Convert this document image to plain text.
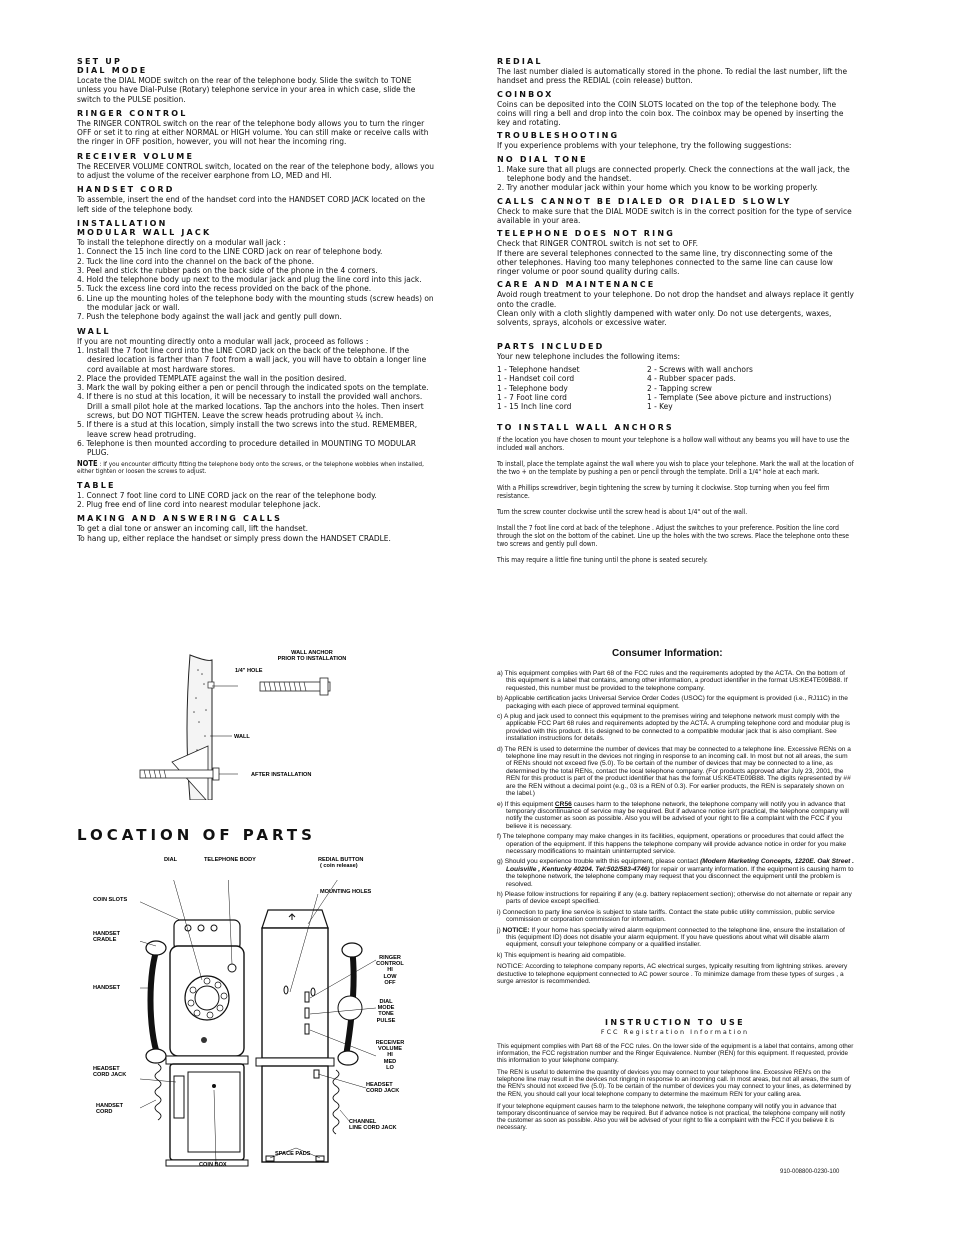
SET UP
DIAL MODE

Locate the DIAL MODE switch on the rear of the telephone body. Slide the switch to TONE unless you have Dial-Pulse (Rotary) telephone service in your area in which case, slide the switch to the PULSE position.

RINGER CONTROL

The RINGER CONTROL switch on the rear of the telephone body allows you to turn the ringer OFF or set it to ring at either NORMAL or HIGH volume. You can still make or receive calls with the ringer in OFF position, however, you will not hear the incoming ring.

RECEIVER VOLUME

The RECEIVER VOLUME CONTROL switch, located on the rear of the telephone body, allows you to adjust the volume of the receiver earphone from LO, MED and HI.

HANDSET CORD

To assemble, insert the end of the handset cord into the HANDSET CORD JACK located on the left side of the telephone body.

INSTALLATION
MODULAR WALL JACK

To install the telephone directly on a modular wall jack :

1. Connect the 15 inch line cord to the LINE CORD jack on rear of telephone body.
2. Tuck the line cord into the channel on the back of the phone.
3. Peel and stick the rubber pads on the back side of the phone in the 4 corners.
4. Hold the telephone body up next to the modular jack and plug the line cord into this jack.
5. Tuck the excess line cord into the recess provided on the back of the phone.
6. Line up the mounting holes of the telephone body with the mounting studs (screw heads) on the modular jack or wall.
7. Push the telephone body against the wall jack and gently pull down.
WALL

If you are not mounting directly onto a modular wall jack, proceed as follows :

1. Install the 7 foot line cord into the LINE CORD jack on the back of the telephone. If the desired location is farther than 7 foot from a wall jack, you will have to obtain a longer line cord available at most hardware stores.
2. Place the provided TEMPLATE against the wall in the position desired.
3. Mark the wall by poking either a pen or pencil through the indicated spots on the template.
4. If there is no stud at this location, it will be necessary to install the provided wall anchors. Drill a small pilot hole at the marked locations. Tap the anchors into the holes. Then insert screws, but DO NOT TIGHTEN. Leave the screw heads protruding about ¼ inch.
5. If there is a stud at this location, simply install the two screws into the stud. REMEMBER, leave screw head protruding.
6. Telephone is then mounted according to procedure detailed in MOUNTING TO MODULAR PLUG.
NOTE : If you encounter difficulty fitting the telephone body onto the screws, or the telephone wobbles when installed, either tighten or loosen the screws to adjust.
TABLE
1. Connect 7 foot line cord to LINE CORD jack on the rear of the telephone body.
2. Plug free end of line cord into nearest modular telephone jack.
MAKING AND ANSWERING CALLS

To get a dial tone or answer an incoming call, lift the handset.

To hang up, either replace the handset or simply press down the HANDSET CRADLE.

REDIAL

The last number dialed is automatically stored in the phone. To redial the last number, lift the handset and press the REDIAL (coin release) button.

COINBOX

Coins can be deposited into the COIN SLOTS located on the top of the telephone body. The coins will ring a bell and drop into the coin box. The coinbox may be opened by inserting the key and rotating.

TROUBLESHOOTING

If you experience problems with your telephone, try the following suggestions:

NO DIAL TONE
1. Make sure that all plugs are connected properly. Check the connections at the wall jack, the telephone body and the handset.
2. Try another modular jack within your home which you know to be working properly.
CALLS CANNOT BE DIALED OR DIALED SLOWLY

Check to make sure that the DIAL MODE switch is in the correct position for the type of service available in your area.

TELEPHONE DOES NOT RING

Check that RINGER CONTROL switch is not set to OFF.

If there are several telephones connected to the same line, try disconnecting some of the other telephones. Having too many telephones connected to the same line can cause low ringer volume or poor sound quality during calls.

CARE AND MAINTENANCE

Avoid rough treatment to your telephone. Do not drop the handset and always replace it gently onto the cradle.

Clean only with a cloth slightly dampened with water only. Do not use detergents, waxes, solvents, sprays, alcohols or excessive water.

PARTS INCLUDED

Your new telephone includes the following items:

1 - Telephone handset
1 - Handset coil cord
1 - Telephone body
1 - 7 Foot line cord
1 - 15 Inch line cord
2 - Screws with wall anchors
4 - Rubber spacer pads.
2 - Tapping screw
1 - Template (See above picture and instructions)
1 - Key
TO INSTALL WALL ANCHORS

If the location you have chosen to mount your telephone is a hollow wall without any beams you will have to use the included wall anchors.

To install, place the template against the wall where you wish to place your telephone. Mark the wall at the location of the two + on the template by pushing a pen or pencil through the template. Drill a 1/4" hole at each mark.

With a Phillips screwdriver, begin tightening the screw by turning it clockwise. Stop turning when you feel firm resistance.

Turn the screw counter clockwise until the screw head is about 1/4" out of the wall.

Install the 7 foot line cord at back of the telephone . Adjust the switches to your preference. Position the line cord through the slot on the bottom of the cabinet. Line up the holes with the two screws. Place the telephone onto these two screws and gently pull down.

This may require a little fine tuning until the phone is seated securely.

WALL ANCHOR
PRIOR TO INSTALLATION
1/4" HOLE
WALL
AFTER INSTALLATION
LOCATION OF PARTS
DIAL	TELEPHONE BODY	REDIAL BUTTON
( coin release)
MOUNTING HOLES
COIN SLOTS
HANDSET
CRADLE
HANDSET
RINGER
CONTROL
HI
LOW
OFF
DIAL
MODE
TONE
PULSE
RECEIVER
VOLUME
HI
MED
LO
HEADSET
CORD JACK
HEADSET
CORD JACK
HANDSET
CORD
CHANNEL
LINE CORD JACK
SPACE PADS
COIN BOX
Consumer Information:
a) This equipment complies with Part 68 of the FCC rules and the requirements adopted by the ACTA. On the bottom of this equipment is a label that contains, among other information, a product identifier in the format US:KE4TE09B88. If requested, this number must be provided to the telephone company.
b) Applicable certification jacks Universal Service Order Codes (USOC) for the equipment is provided (i.e., RJ11C) in the packaging with each piece of approved terminal equipment.
c) A plug and jack used to connect this equipment to the premises wiring and telephone network must comply with the applicable FCC Part 68 rules and requirements adopted by the ACTA. A crumpling telephone cord and modular plug is provided with this product. It is designed to be connected to a compatible modular jack that is also compliant. See installation instructions for details.
d) The REN is used to determine the number of devices that may be connected to a telephone line. Excessive RENs on a telephone line may result in the devices not ringing in response to an incoming call. In most but not all areas, the sum of RENs should not exceed five (5.0). To be certain of the number of devices that may be connected to a line, as determined by the total RENs, contact the local telephone company. (For products approved after July 23, 2001, the REN for this product is part of the product identifier that has the format US:KE4TE09B88. The digits represented by ## are the REN without a decimal point (e.g., 03 is a REN of 0.3). For earlier products, the REN is separately shown on the label.)
e) If this equipment CR56 causes harm to the telephone network, the telephone company will notify you in advance that temporary discontinuance of service may be required. But if advance notice isn't practical, the telephone company will notify the customer as soon as possible. Also you will be advised of your right to file a complaint with the FCC if you believe it is necessary.
f) The telephone company may make changes in its facilities, equipment, operations or procedures that could affect the operation of the equipment. If this happens the telephone company will provide advance notice in order for you make necessary modifications to maintain uninterrupted service.
g) Should you experience trouble with this equipment, please contact (Modern Marketing Concepts, 1220E. Oak Street . Louisville , Kentucky 40204. Tel:502/583-4746) for repair or warranty information. If the equipment is causing harm to the telephone network, the telephone company may request that you disconnect the equipment until the problem is resolved.
h) Please follow instructions for repairing if any (e.g. battery replacement section); otherwise do not alternate or repair any parts of device except specified.
i) Connection to party line service is subject to state tariffs. Contact the state public utility commission, public service commission or corporation commission for information.
j) NOTICE: If your home has specially wired alarm equipment connected to the telephone line, ensure the installation of this (equipment ID) does not disable your alarm equipment. If you have questions about what will disable alarm equipment, consult your telephone company or a qualified installer.
k) This equipment is hearing aid compatible.

NOTICE: According to telephone company reports, AC electrical surges, typically resulting from lightning strikes. arevery destuctive to telephone equipment connected to AC power source . To minimize damage from these types of surges , a surge arrestor is recommended.

INSTRUCTION TO USE
FCC Registration Information

This equipment complies with Part 68 of the FCC rules. On the lower side of the equipment is a label that contains, among other information, the FCC registration number and the Ringer Equivalence. Number (REN) for this equipment. If requested, provide this information to your telephone company.

The REN is useful to determine the quantity of devices you may connect to your telephone line. Excessive REN's on the telephone line may result in the devices not ringing in response to an incoming call. In most areas, but not all areas, the sum of the REN's should not exceed five (5.0). To be certain of the number of devices you may connect to your lines, as determined by the REN, you should call your local telephone company to determine the maximum REN for your calling area.

If your telephone equipment causes harm to the telephone network, the telephone company will notify you in advance that temporary discontinuance of service may be required. But if advance notice is not practical, the telephone company will notify the customer as soon as possible. Also you will be advised of your right to file a complaint with the FCC if you believe it is necessary.

910-008800-0230-100
